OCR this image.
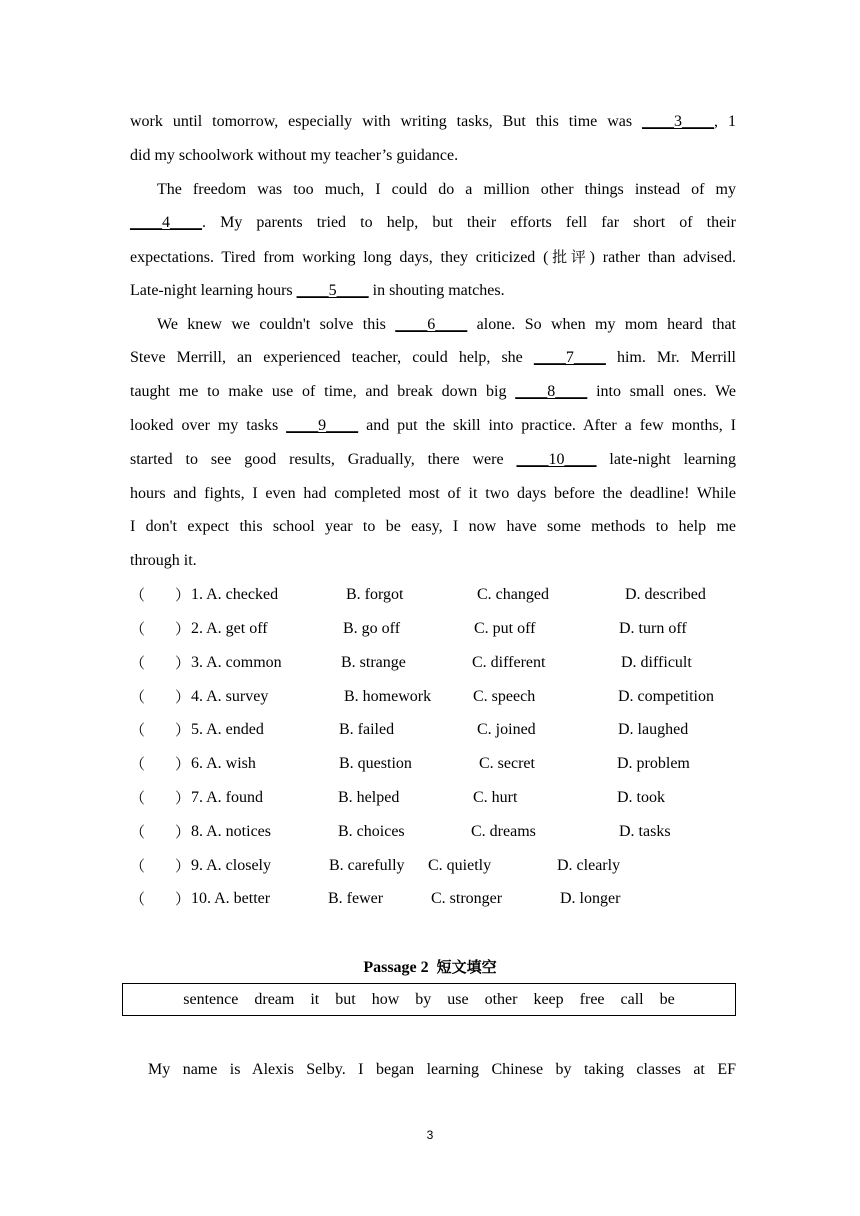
work until tomorrow, especially with writing tasks, But this time was ____3____, 1
did my schoolwork without my teacher’s guidance.
The freedom was too much, I could do a million other things instead of my
____4____. My parents tried to help, but their efforts fell far short of their
expectations. Tired from working long days, they criticized (批评) rather than advised.
Late-night learning hours ____5____ in shouting matches.
We knew we couldn't solve this ____6____ alone. So when my mom heard that
Steve Merrill, an experienced teacher, could help, she ____7____ him. Mr. Merrill
taught me to make use of time, and break down big ____8____ into small ones. We
looked over my tasks ____9____ and put the skill into practice. After a few months, I
started to see good results, Gradually, there were ____10____ late-night learning
hours and fights, I even had completed most of it two days before the deadline! While
I don't expect this school year to be easy, I now have some methods to help me
through it.
（　　） 1. A. checked	B. forgot	C. changed	D. described
（　　） 2. A. get off	B. go off	C. put off	D. turn off
（　　） 3. A. common	B. strange	C. different	D. difficult
（　　） 4. A. survey	B. homework	C. speech	D. competition
（　　） 5. A. ended	B. failed	C. joined	D. laughed
（　　） 6. A. wish	B. question	C. secret	D. problem
（　　） 7. A. found	B. helped	C. hurt	D. took
（　　） 8. A. notices	B. choices	C. dreams	D. tasks
（　　） 9. A. closely	B. carefully C. quietly	D. clearly
（　　） 10. A. better	B. fewer	C. stronger	D. longer
Passage 2 短文填空
sentence dream it but how by use other keep free call be
My name is Alexis Selby. I began learning Chinese by taking classes at EF
3
